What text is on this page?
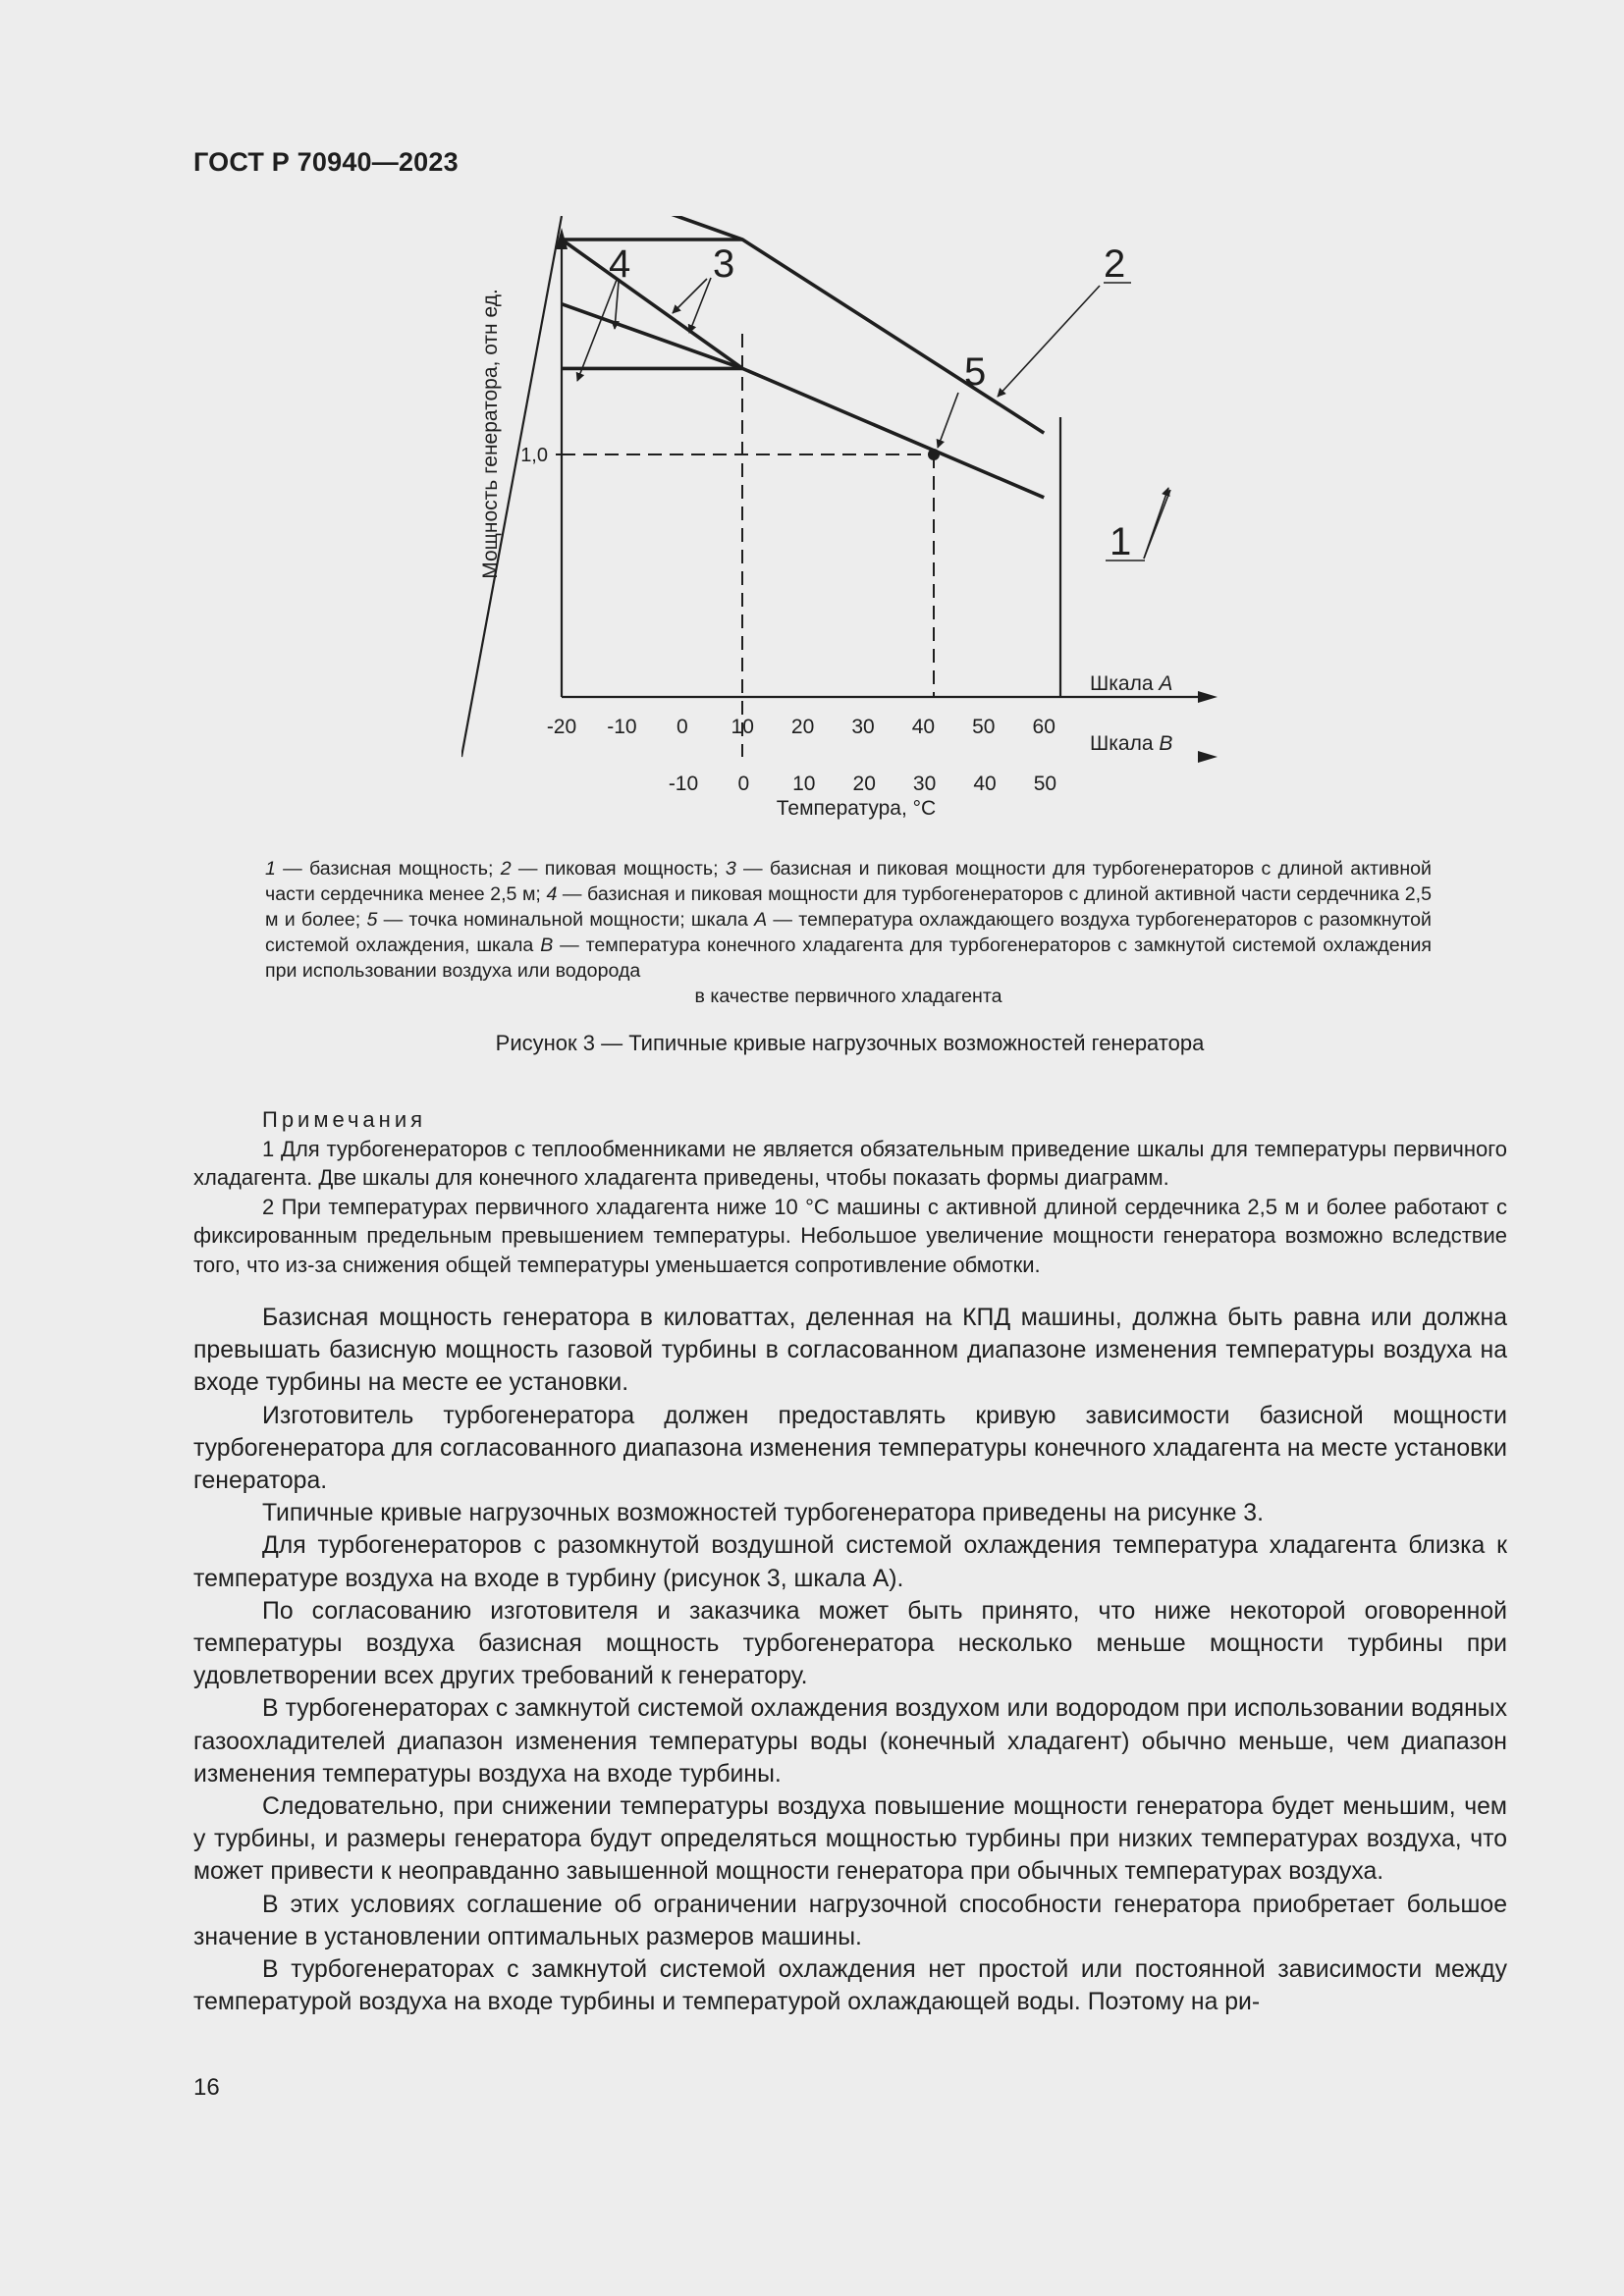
ГОСТ Р 70940—2023
1,0
4 3	2
5
1
Мощность генератора, отн ед.
-20 -10 0 10 20 30 40 50 60
-10 0 10 20 30 40 50
Шкала А
Шкала В
Температура, °С
1 — базисная мощность; 2 — пиковая мощность; 3 — базисная и пиковая мощности для турбогенераторов с длиной активной части сердечника менее 2,5 м; 4 — базисная и пиковая мощности для турбогенераторов с длиной активной части сердечника 2,5 м и более; 5 — точка номинальной мощности; шкала А — температура охлаждающего воздуха турбогенераторов с разомкнутой системой охлаждения, шкала В — температура конечного хладагента для турбогенераторов с замкнутой системой охлаждения при использовании воздуха или водорода
в качестве первичного хладагента
Рисунок 3 — Типичные кривые нагрузочных возможностей генератора
Примечания

1 Для турбогенераторов с теплообменниками не является обязательным приведение шкалы для температуры первичного хладагента. Две шкалы для конечного хладагента приведены, чтобы показать формы диаграмм.

2 При температурах первичного хладагента ниже 10 °С машины с активной длиной сердечника 2,5 м и более работают с фиксированным предельным превышением температуры. Небольшое увеличение мощности генератора возможно вследствие того, что из-за снижения общей температуры уменьшается сопротивление обмотки.

Базисная мощность генератора в киловаттах, деленная на КПД машины, должна быть равна или должна превышать базисную мощность газовой турбины в согласованном диапазоне изменения температуры воздуха на входе турбины на месте ее установки.

Изготовитель турбогенератора должен предоставлять кривую зависимости базисной мощности турбогенератора для согласованного диапазона изменения температуры конечного хладагента на месте установки генератора.

Типичные кривые нагрузочных возможностей турбогенератора приведены на рисунке 3.

Для турбогенераторов с разомкнутой воздушной системой охлаждения температура хладагента близка к температуре воздуха на входе в турбину (рисунок 3, шкала А).

По согласованию изготовителя и заказчика может быть принято, что ниже некоторой оговоренной температуры воздуха базисная мощность турбогенератора несколько меньше мощности турбины при удовлетворении всех других требований к генератору.

В турбогенераторах с замкнутой системой охлаждения воздухом или водородом при использовании водяных газоохладителей диапазон изменения температуры воды (конечный хладагент) обычно меньше, чем диапазон изменения температуры воздуха на входе турбины.

Следовательно, при снижении температуры воздуха повышение мощности генератора будет меньшим, чем у турбины, и размеры генератора будут определяться мощностью турбины при низких температурах воздуха, что может привести к неоправданно завышенной мощности генератора при обычных температурах воздуха.

В этих условиях соглашение об ограничении нагрузочной способности генератора приобретает большое значение в установлении оптимальных размеров машины.

В турбогенераторах с замкнутой системой охлаждения нет простой или постоянной зависимости между температурой воздуха на входе турбины и температурой охлаждающей воды. Поэтому на ри-

16
